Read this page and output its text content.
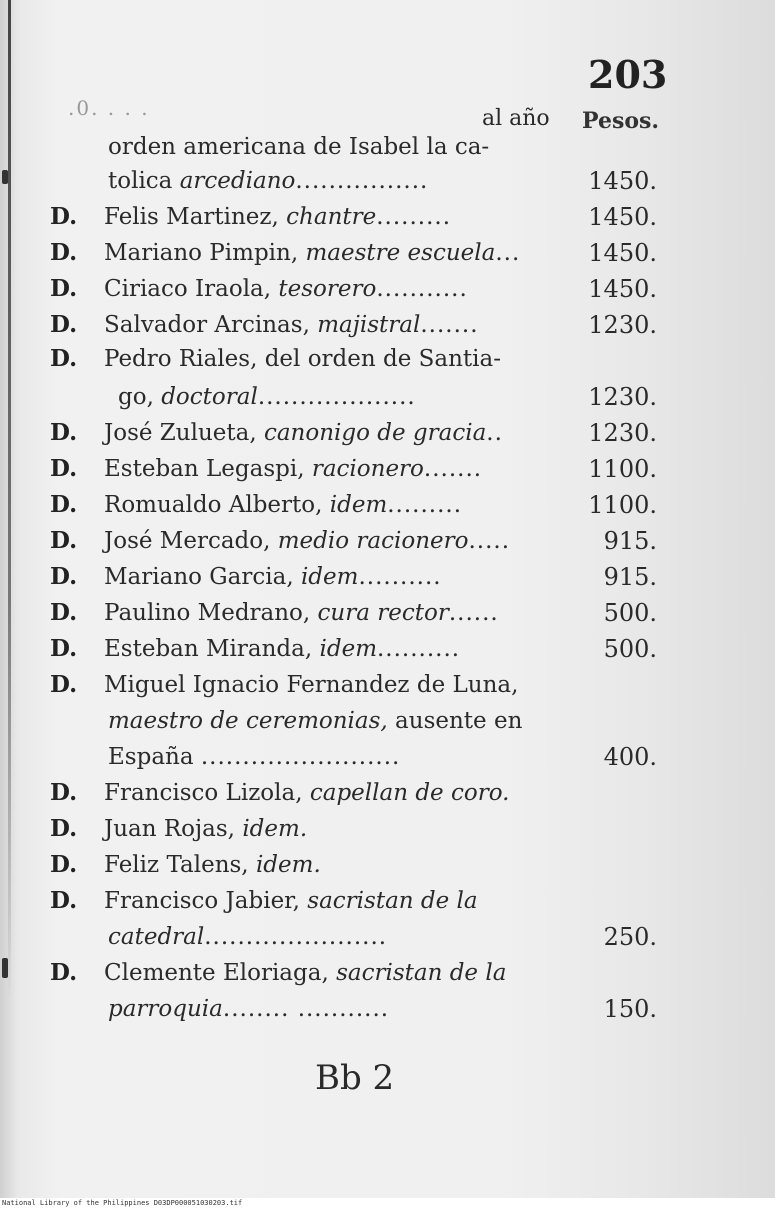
203
.0. . . .	al año Pesos.
orden americana de Isabel la ca-
tolica arcediano................	1450.
D. Felis Martinez, chantre.........	1450.
D. Mariano Pimpin, maestre escuela...	1450.
D. Ciriaco Iraola, tesorero...........	1450.
D. Salvador Arcinas, majistral.......	1230.
D. Pedro Riales, del orden de Santia-
go, doctoral...................	1230.
D. José Zulueta, canonigo de gracia..	1230.
D. Esteban Legaspi, racionero.......	1100.
D. Romualdo Alberto, idem.........	1100.
D. José Mercado, medio racionero.....	915.
D. Mariano Garcia, idem..........	915.
D. Paulino Medrano, cura rector......	500.
D. Esteban Miranda, idem..........	500.
D. Miguel Ignacio Fernandez de Luna,
maestro de ceremonias, ausente en
España ........................	400.
D. Francisco Lizola, capellan de coro.
D. Juan Rojas, idem.
D. Feliz Talens, idem.
D. Francisco Jabier, sacristan de la
catedral......................	250.
D. Clemente Eloriaga, sacristan de la
parroquia........ ...........	150.
Bb 2
National Library of the Philippines D03DP000051030203.tif
